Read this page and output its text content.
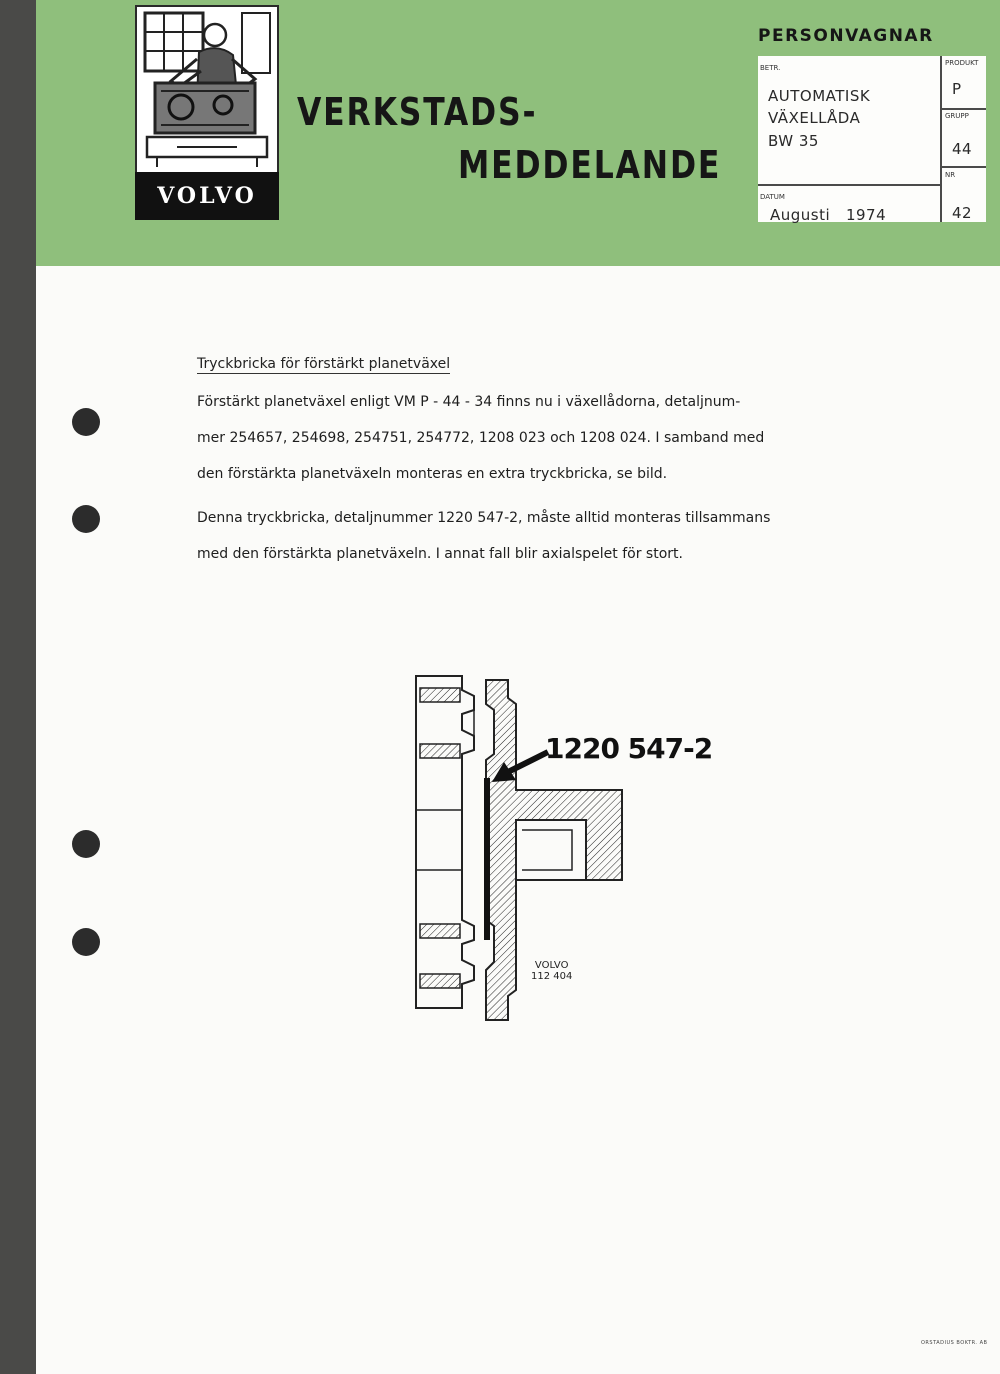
VOLVO
VERKSTADS-
MEDDELANDE
PERSONVAGNAR
BETR.
AUTOMATISK
VÄXELLÅDA
BW 35
PRODUKT
P
GRUPP
44
NR
42
DATUM
Augusti   1974
Tryckbricka för förstärkt planetväxel
Förstärkt planetväxel enligt VM P - 44 - 34 finns nu i växellådorna, detaljnum-
mer 254657, 254698, 254751, 254772, 1208 023 och 1208 024. I samband med
den förstärkta planetväxeln monteras en extra tryckbricka, se bild.
Denna tryckbricka, detaljnummer 1220 547-2, måste alltid monteras tillsammans
med den förstärkta planetväxeln. I annat fall blir axialspelet för stort.
1220 547-2
VOLVO
112 404
ORSTADIUS BOKTR. AB
